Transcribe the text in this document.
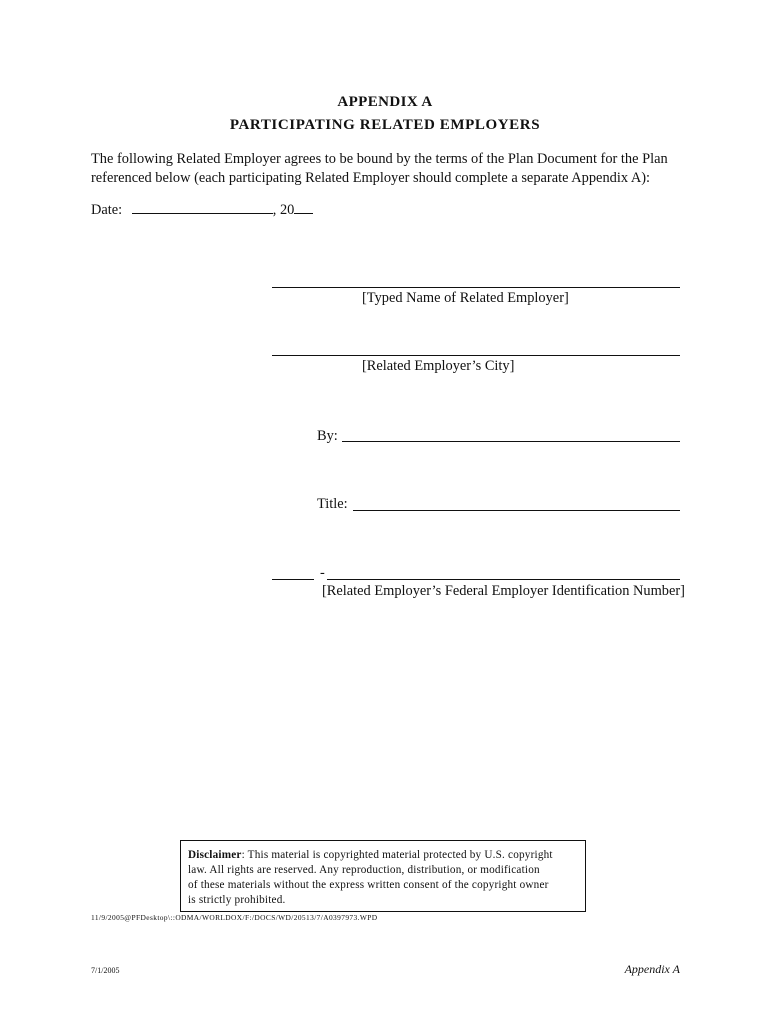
APPENDIX A
PARTICIPATING RELATED EMPLOYERS
The following Related Employer agrees to be bound by the terms of the Plan Document for the Plan
referenced below (each participating Related Employer should complete a separate Appendix A):
Date:	, 20
[Typed Name of Related Employer]
[Related Employer’s City]
By:
Title:
-
[Related Employer’s Federal Employer Identification Number]
Disclaimer: This material is copyrighted material protected by U.S. copyright
law. All rights are reserved. Any reproduction, distribution, or modification
of these materials without the express written consent of the copyright owner
is strictly prohibited.
11/9/2005@PFDesktop\::ODMA/WORLDOX/F:/DOCS/WD/20513/7/A0397973.WPD
7/1/2005	Appendix A
